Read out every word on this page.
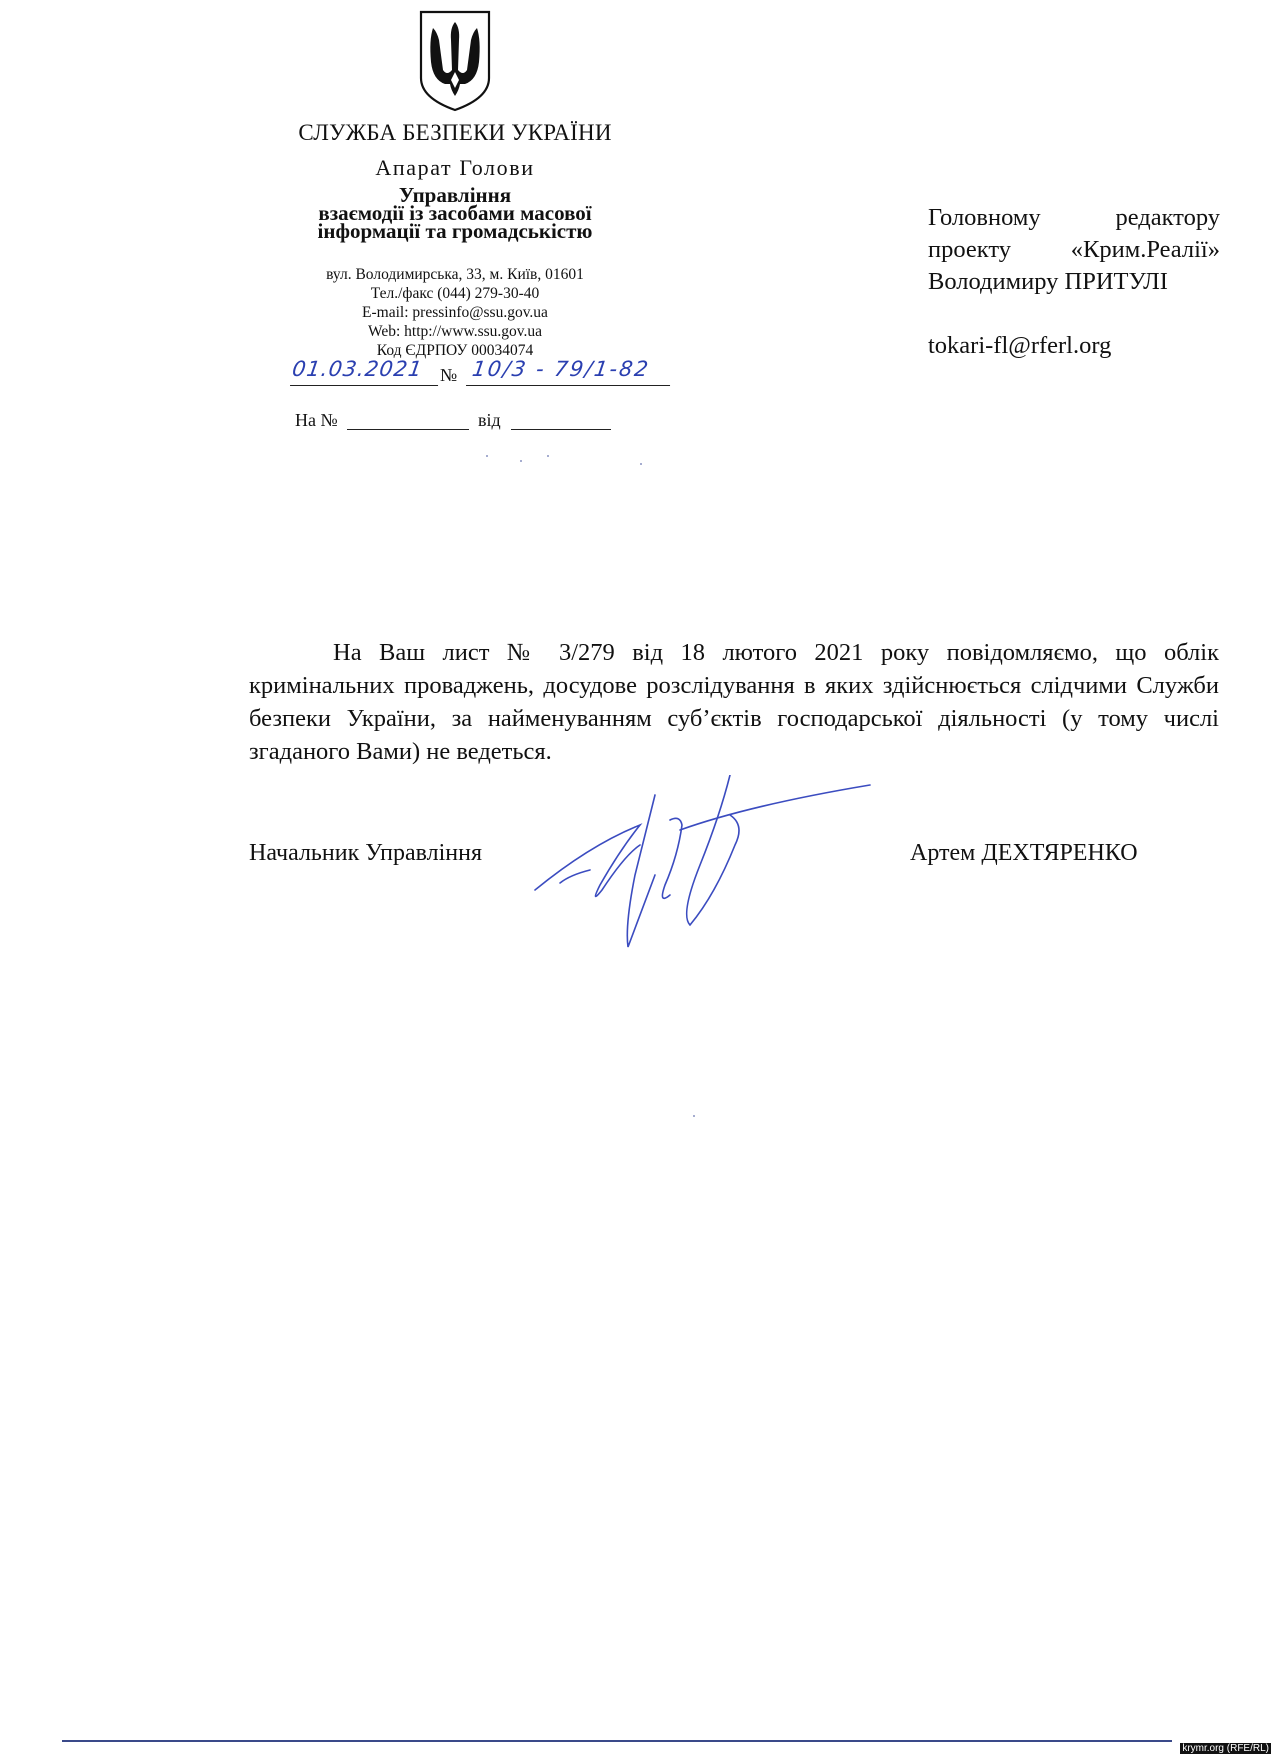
СЛУЖБА БЕЗПЕКИ УКРАЇНИ
Апарат Голови
Управління
взаємодії із засобами масової
інформації та громадськістю
вул. Володимирська, 33, м. Київ, 01601
Тел./факс (044) 279-30-40
E-mail: pressinfo@ssu.gov.ua
Web: http://www.ssu.gov.ua
Код ЄДРПОУ 00034074
01.03.2021 № 10/3 - 79/1-82
На №	від
Головному редактору
проекту «Крим.Реалії»
Володимиру ПРИТУЛІ
tokari-fl@rferl.org
На Ваш лист № 3/279 від 18 лютого 2021 року повідомляємо, що облік кримінальних проваджень, досудове розслідування в яких здійснюється слідчими Служби безпеки України, за найменуванням суб’єктів господарської діяльності (у тому числі згаданого Вами) не ведеться.
Начальник Управління	Артем ДЕХТЯРЕНКО
krymr.org (RFE/RL)
